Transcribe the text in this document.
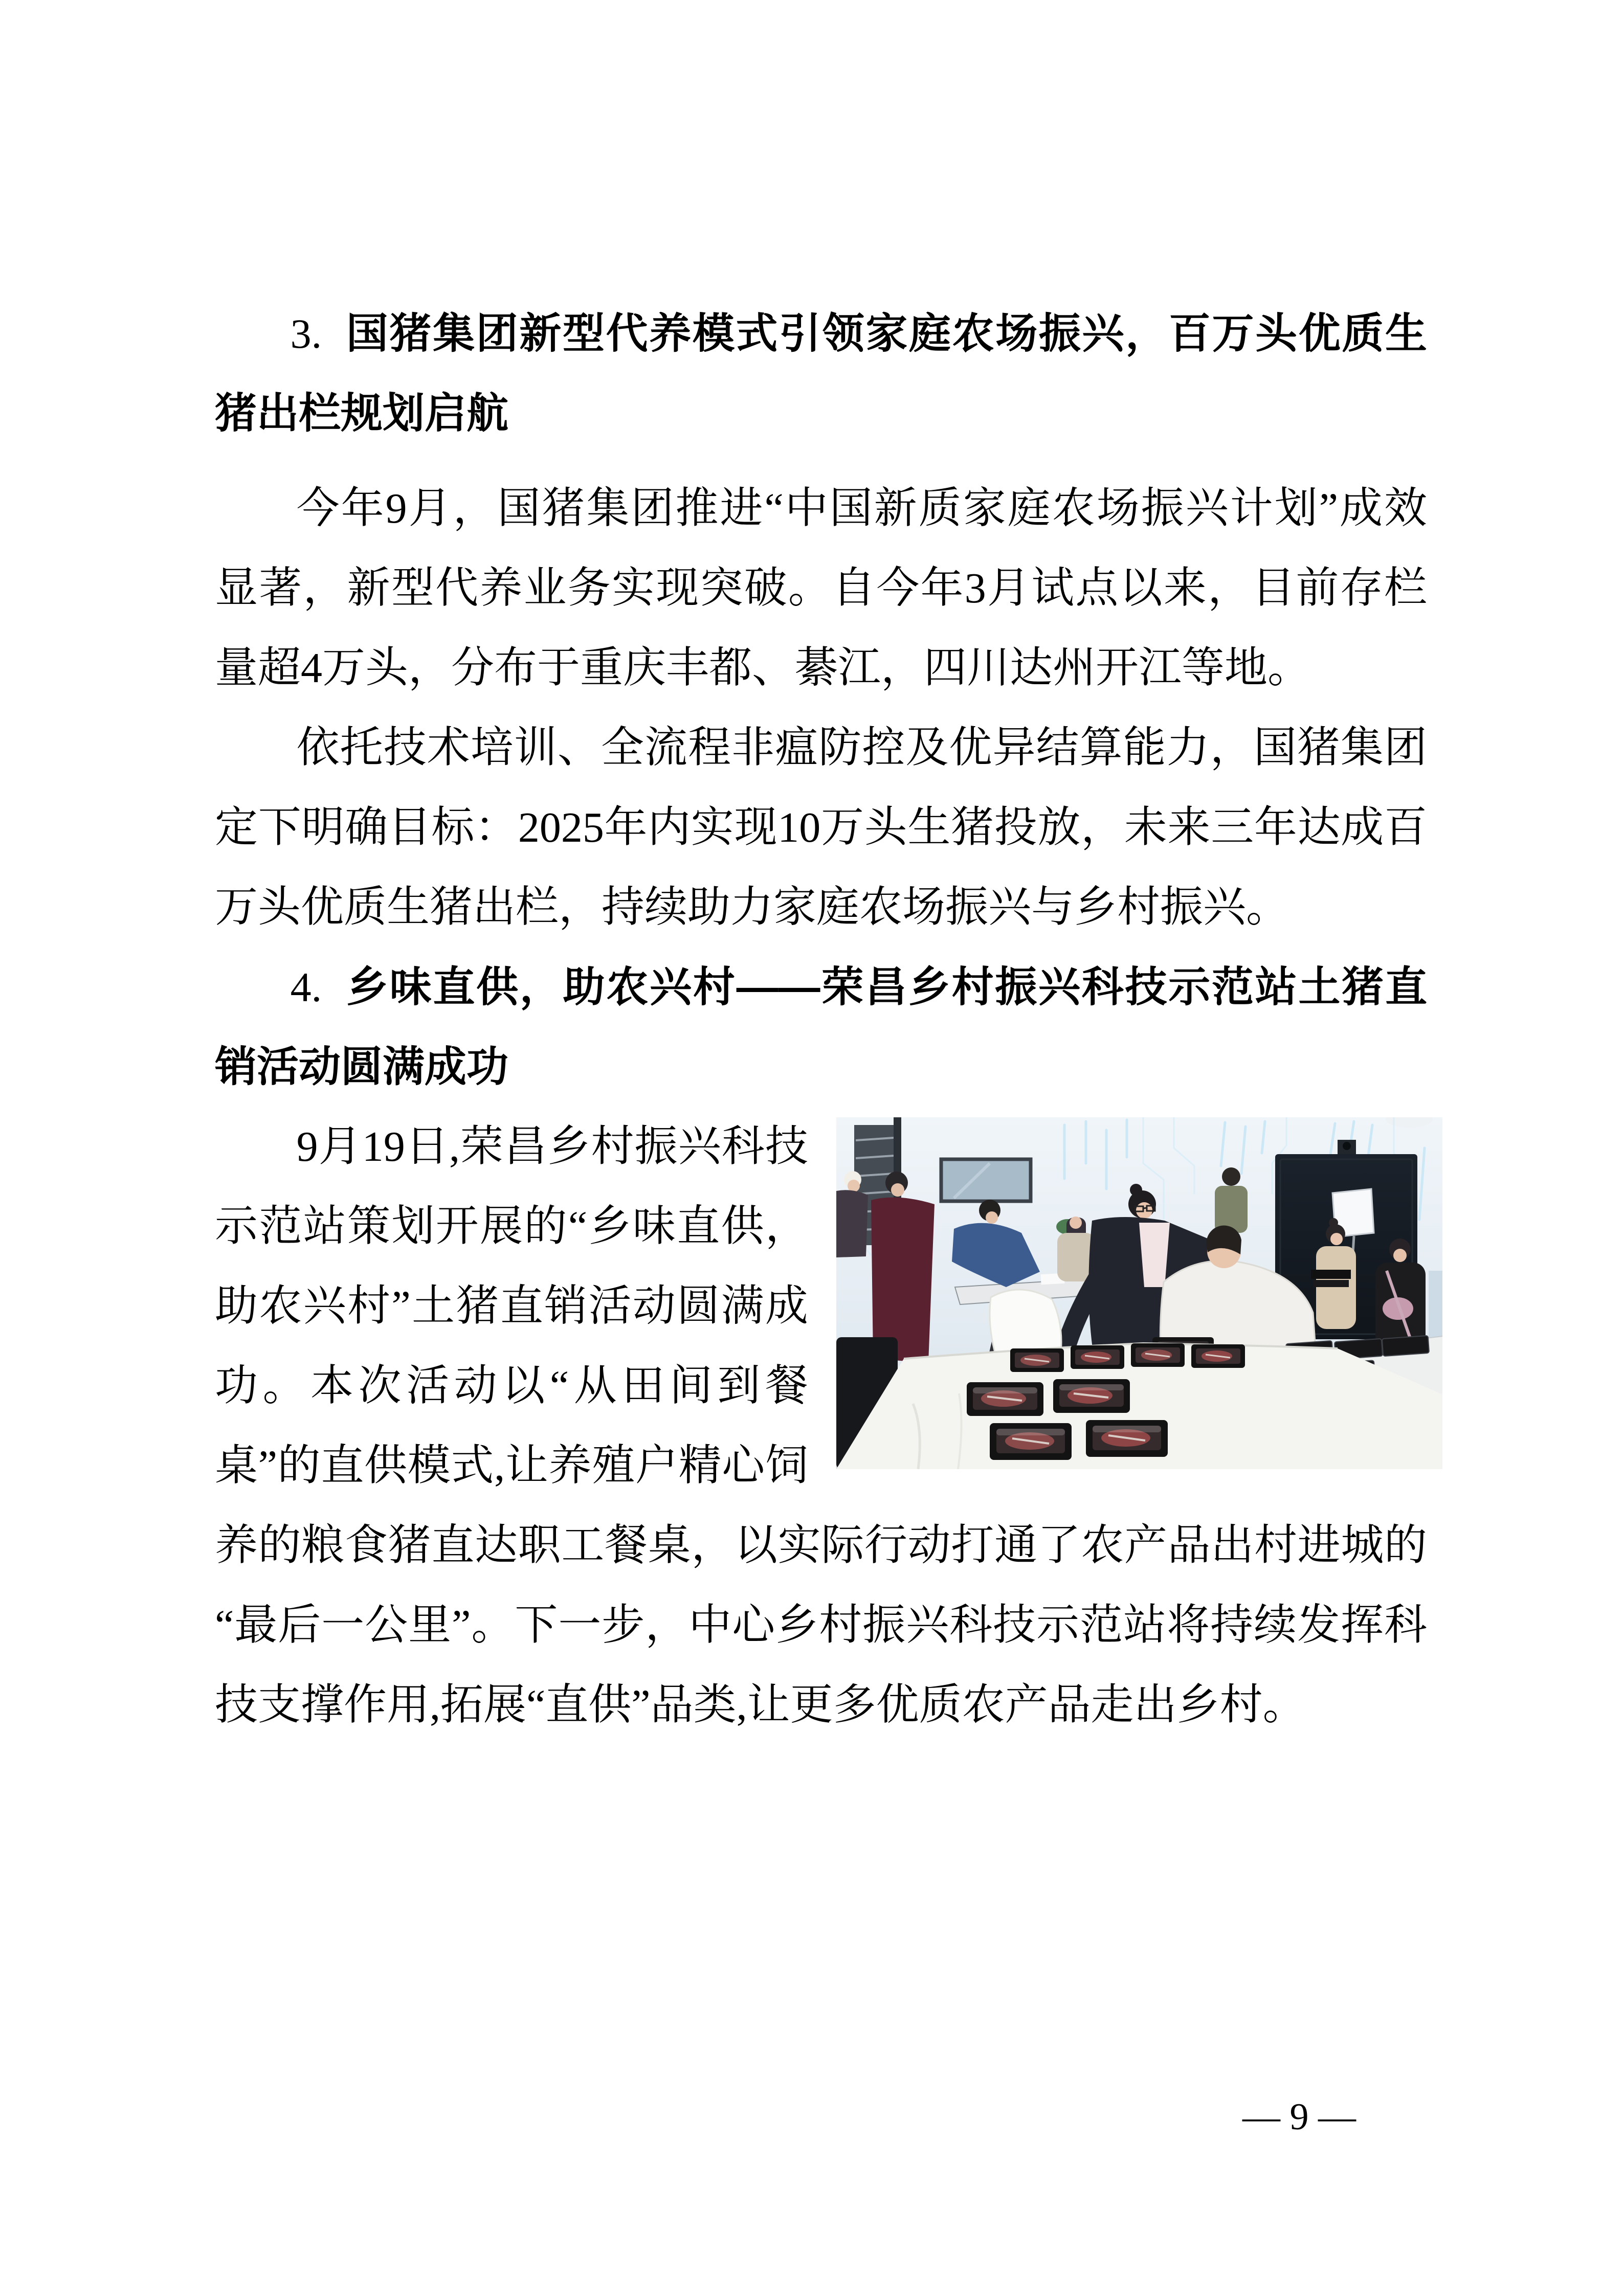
3. 国猪集团新型代养模式引领家庭农场振兴，百万头优质生猪出栏规划启航

今年9月，国猪集团推进“中国新质家庭农场振兴计划”成效显著，新型代养业务实现突破。自今年3月试点以来，目前存栏量超4万头，分布于重庆丰都、綦江，四川达州开江等地。

依托技术培训、全流程非瘟防控及优异结算能力，国猪集团定下明确目标：2025年内实现10万头生猪投放，未来三年达成百万头优质生猪出栏，持续助力家庭农场振兴与乡村振兴。

4. 乡味直供，助农兴村——荣昌乡村振兴科技示范站土猪直销活动圆满成功

9月19日,荣昌乡村振兴科技示范站策划开展的“乡味直供，助农兴村”土猪直销活动圆满成功。本次活动以“从田间到餐桌”的直供模式,让养殖户精心饲养的粮食猪直达职工餐桌，以实际行动打通了农产品出村进城的“最后一公里”。下一步，中心乡村振兴科技示范站将持续发挥科技支撑作用,拓展“直供”品类,让更多优质农产品走出乡村。

— 9 —
